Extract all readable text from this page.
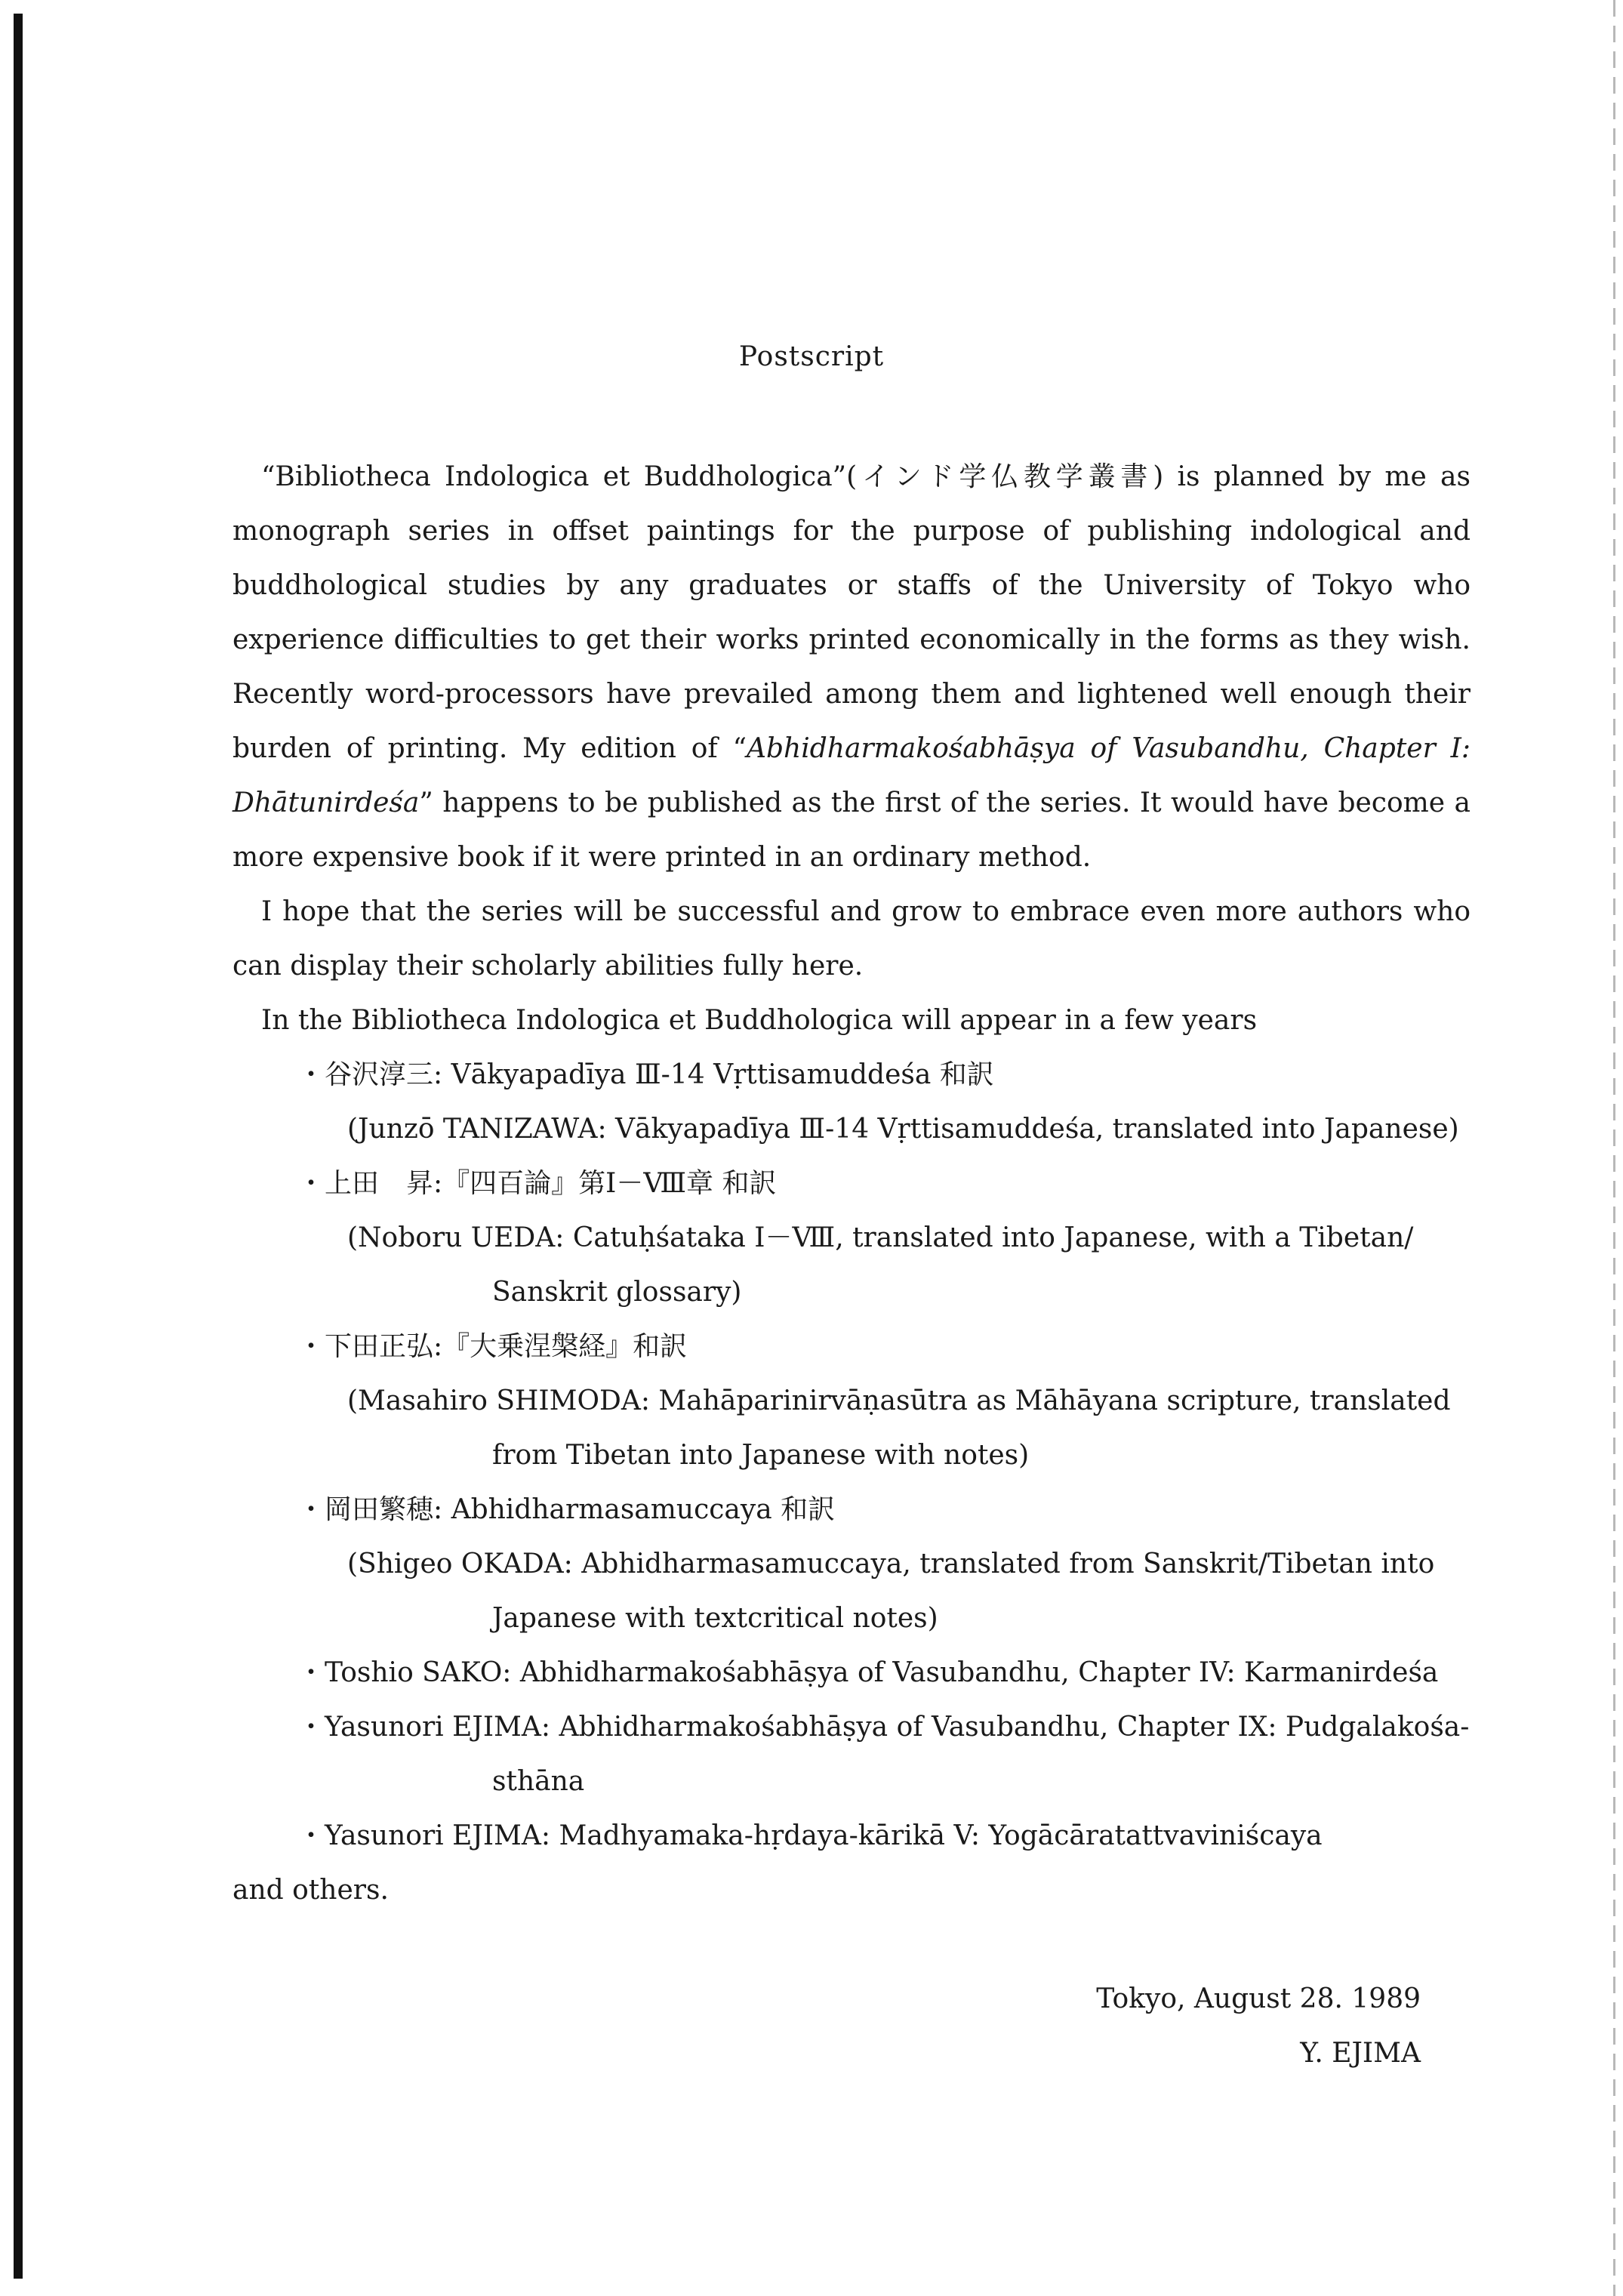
Postscript

“Bibliotheca Indologica et Buddhologica”(インド学仏教学叢書) is planned by me as monograph series in offset paintings for the purpose of publishing indological and buddhological studies by any graduates or staffs of the University of Tokyo who experience difficulties to get their works printed economically in the forms as they wish. Recently word-processors have prevailed among them and lightened well enough their burden of printing. My edition of “Abhidharmakośabhāṣya of Vasubandhu, Chapter I: Dhātunirdeśa” happens to be published as the first of the series. It would have become a more expensive book if it were printed in an ordinary method.

I hope that the series will be successful and grow to embrace even more authors who can display their scholarly abilities fully here.

In the Bibliotheca Indologica et Buddhologica will appear in a few years

・谷沢淳三: Vākyapadīya Ⅲ-14 Vṛttisamuddeśa 和訳

(Junzō TANIZAWA: Vākyapadīya Ⅲ-14 Vṛttisamuddeśa, translated into Japanese)

・上田　昇:『四百論』第Ⅰ－Ⅷ章 和訳

(Noboru UEDA: Catuḥśataka Ⅰ－Ⅷ, translated into Japanese, with a Tibetan/ Sanskrit glossary)

・下田正弘:『大乗涅槃経』和訳

(Masahiro SHIMODA: Mahāparinirvāṇasūtra as Māhāyana scripture, translated from Tibetan into Japanese with notes)

・岡田繁穂: Abhidharmasamuccaya 和訳

(Shigeo OKADA: Abhidharmasamuccaya, translated from Sanskrit/Tibetan into Japanese with textcritical notes)

・Toshio SAKO: Abhidharmakośabhāṣya of Vasubandhu, Chapter IV: Karmanirdeśa

・Yasunori EJIMA: Abhidharmakośabhāṣya of Vasubandhu, Chapter IX: Pudgalakośa-sthāna

・Yasunori EJIMA: Madhyamaka-hṛdaya-kārikā V: Yogācāratattvaviniścaya

and others.

Tokyo, August 28. 1989
Y. EJIMA
